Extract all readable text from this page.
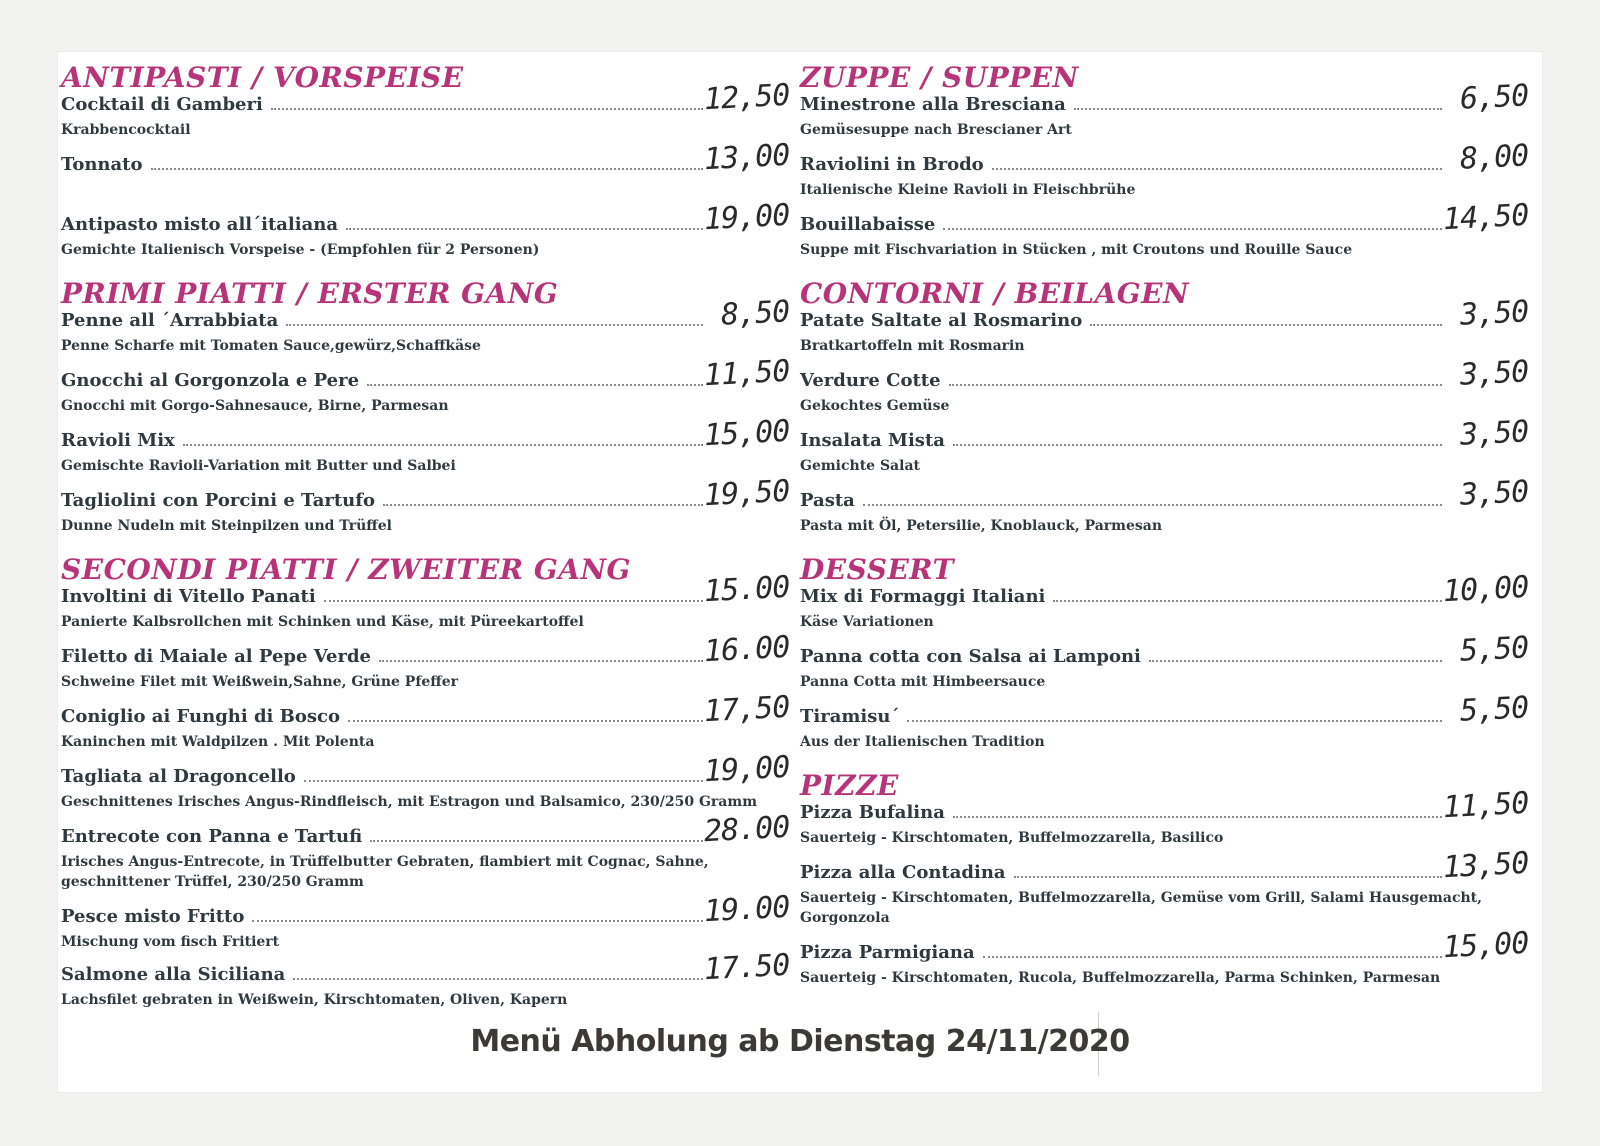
ANTIPASTI / VORSPEISE
Cocktail di Gamberi	12,50
Krabbencocktail
Tonnato	13,00
Antipasto misto all´italiana	19,00
Gemichte Italienisch Vorspeise - (Empfohlen für 2 Personen)
PRIMI PIATTI / ERSTER GANG
Penne all ´Arrabbiata	8,50
Penne Scharfe mit Tomaten Sauce,gewürz,Schaffkäse
Gnocchi al Gorgonzola e Pere	11,50
Gnocchi mit Gorgo-Sahnesauce, Birne, Parmesan
Ravioli Mix	15,00
Gemischte Ravioli-Variation mit Butter und Salbei
Tagliolini con Porcini e Tartufo	19,50
Dunne Nudeln mit Steinpilzen und Trüffel
SECONDI PIATTI / ZWEITER GANG
Involtini di Vitello Panati	15.00
Panierte Kalbsrollchen mit Schinken und Käse, mit Püreekartoffel
Filetto di Maiale al Pepe Verde	16.00
Schweine Filet mit Weißwein,Sahne, Grüne Pfeffer
Coniglio ai Funghi di Bosco	17,50
Kaninchen mit Waldpilzen . Mit Polenta
Tagliata al Dragoncello	19,00
Geschnittenes Irisches Angus-Rindfleisch, mit Estragon und Balsamico, 230/250 Gramm
Entrecote con Panna e Tartufi	28.00
Irisches Angus-Entrecote, in Trüffelbutter Gebraten, flambiert mit Cognac, Sahne,
geschnittener Trüffel, 230/250 Gramm
Pesce misto Fritto	19.00
Mischung vom fisch Fritiert
Salmone alla Siciliana	17.50
Lachsfilet gebraten in Weißwein, Kirschtomaten, Oliven, Kapern
ZUPPE / SUPPEN
Minestrone alla Bresciana	6,50
Gemüsesuppe nach Brescianer Art
Raviolini in Brodo	8,00
Italienische Kleine Ravioli in Fleischbrühe
Bouillabaisse	14,50
Suppe mit Fischvariation in Stücken , mit Croutons und Rouille Sauce
CONTORNI / BEILAGEN
Patate Saltate al Rosmarino	3,50
Bratkartoffeln mit Rosmarin
Verdure Cotte	3,50
Gekochtes Gemüse
Insalata Mista	3,50
Gemichte Salat
Pasta	3,50
Pasta mit Öl, Petersilie, Knoblauck, Parmesan
DESSERT
Mix di Formaggi Italiani	10,00
Käse Variationen
Panna cotta con Salsa ai Lamponi	5,50
Panna Cotta mit Himbeersauce
Tiramisu´	5,50
Aus der Italienischen Tradition
PIZZE
Pizza Bufalina	11,50
Sauerteig - Kirschtomaten, Buffelmozzarella, Basilico
Pizza alla Contadina	13,50
Sauerteig - Kirschtomaten, Buffelmozzarella, Gemüse vom Grill, Salami Hausgemacht,
Gorgonzola
Pizza Parmigiana	15,00
Sauerteig - Kirschtomaten, Rucola, Buffelmozzarella, Parma Schinken, Parmesan
Menü Abholung ab Dienstag 24/11/2020
